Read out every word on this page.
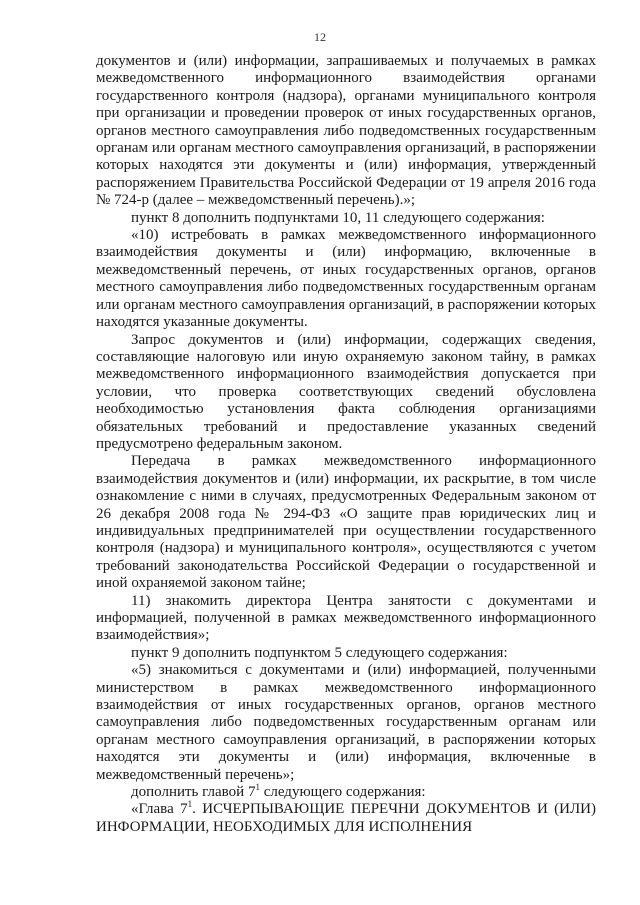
12

документов и (или) информации, запрашиваемых и получаемых в рамках межведомственного информационного взаимодействия органами государственного контроля (надзора), органами муниципального контроля при организации и проведении проверок от иных государственных органов, органов местного самоуправления либо подведомственных государственным органам или органам местного самоуправления организаций, в распоряжении которых находятся эти документы и (или) информация, утвержденный распоряжением Правительства Российской Федерации от 19 апреля 2016 года № 724-р (далее – межведомственный перечень).»;

пункт 8 дополнить подпунктами 10, 11 следующего содержания:

«10) истребовать в рамках межведомственного информационного взаимодействия документы и (или) информацию, включенные в межведомственный перечень, от иных государственных органов, органов местного самоуправления либо подведомственных государственным органам или органам местного самоуправления организаций, в распоряжении которых находятся указанные документы.

Запрос документов и (или) информации, содержащих сведения, составляющие налоговую или иную охраняемую законом тайну, в рамках межведомственного информационного взаимодействия допускается при условии, что проверка соответствующих сведений обусловлена необходимостью установления факта соблюдения организациями обязательных требований и предоставление указанных сведений предусмотрено федеральным законом.

Передача в рамках межведомственного информационного взаимодействия документов и (или) информации, их раскрытие, в том числе ознакомление с ними в случаях, предусмотренных Федеральным законом от 26 декабря 2008 года № 294-ФЗ «О защите прав юридических лиц и индивидуальных предпринимателей при осуществлении государственного контроля (надзора) и муниципального контроля», осуществляются с учетом требований законодательства Российской Федерации о государственной и иной охраняемой законом тайне;

11) знакомить директора Центра занятости с документами и информацией, полученной в рамках межведомственного информационного взаимодействия»;

пункт 9 дополнить подпунктом 5 следующего содержания:

«5) знакомиться с документами и (или) информацией, полученными министерством в рамках межведомственного информационного взаимодействия от иных государственных органов, органов местного самоуправления либо подведомственных государственным органам или органам местного самоуправления организаций, в распоряжении которых находятся эти документы и (или) информация, включенные в межведомственный перечень»;

дополнить главой $7^1$ следующего содержания:

«Глава $7^1$. ИСЧЕРПЫВАЮЩИЕ ПЕРЕЧНИ ДОКУМЕНТОВ И (ИЛИ) ИНФОРМАЦИИ, НЕОБХОДИМЫХ ДЛЯ ИСПОЛНЕНИЯ
